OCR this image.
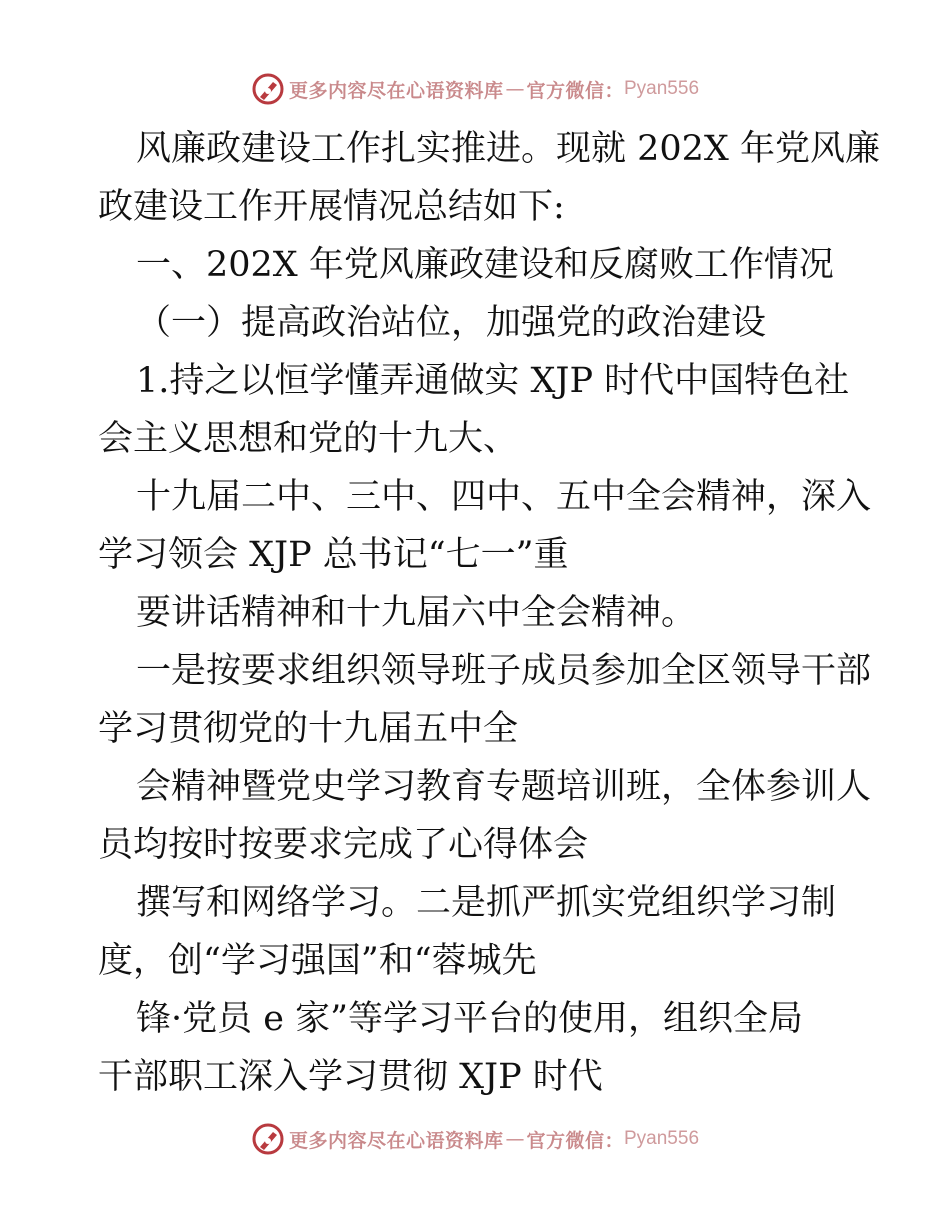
更多内容尽在心语资料库 — 官方微信： Pyan556
风廉政建设工作扎实推进。现就 202X 年党风廉
政建设工作开展情况总结如下:
一、202X 年党风廉政建设和反腐败工作情况
（一）提高政治站位，加强党的政治建设
1.持之以恒学懂弄通做实 XJP 时代中国特色社
会主义思想和党的十九大、
十九届二中、三中、四中、五中全会精神，深入
学习领会 XJP 总书记“七一”重
要讲话精神和十九届六中全会精神。
一是按要求组织领导班子成员参加全区领导干部
学习贯彻党的十九届五中全
会精神暨党史学习教育专题培训班，全体参训人
员均按时按要求完成了心得体会
撰写和网络学习。二是抓严抓实党组织学习制
度，创“学习强国”和“蓉城先
锋·党员 e 家”等学习平台的使用，组织全局
干部职工深入学习贯彻 XJP 时代
更多内容尽在心语资料库 — 官方微信： Pyan556
